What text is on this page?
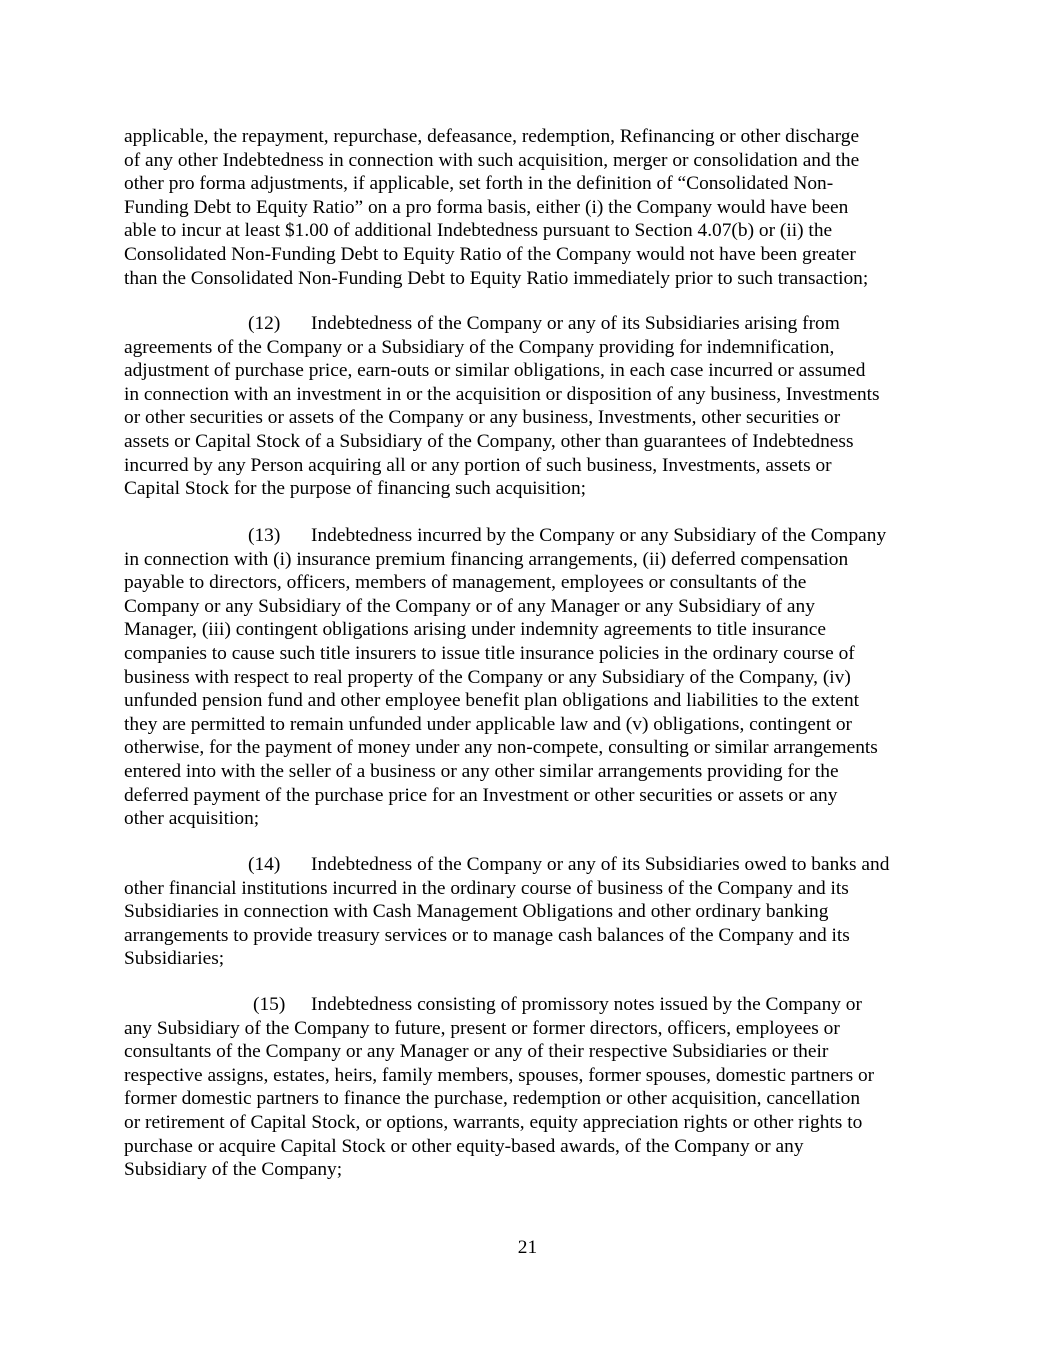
applicable, the repayment, repurchase, defeasance, redemption, Refinancing or other discharge
of any other Indebtedness in connection with such acquisition, merger or consolidation and the
other pro forma adjustments, if applicable, set forth in the definition of “Consolidated Non-
Funding Debt to Equity Ratio” on a pro forma basis, either (i) the Company would have been
able to incur at least $1.00 of additional Indebtedness pursuant to Section 4.07(b) or (ii) the
Consolidated Non-Funding Debt to Equity Ratio of the Company would not have been greater
than the Consolidated Non-Funding Debt to Equity Ratio immediately prior to such transaction;
(12) Indebtedness of the Company or any of its Subsidiaries arising from
agreements of the Company or a Subsidiary of the Company providing for indemnification,
adjustment of purchase price, earn-outs or similar obligations, in each case incurred or assumed
in connection with an investment in or the acquisition or disposition of any business, Investments
or other securities or assets of the Company or any business, Investments, other securities or
assets or Capital Stock of a Subsidiary of the Company, other than guarantees of Indebtedness
incurred by any Person acquiring all or any portion of such business, Investments, assets or
Capital Stock for the purpose of financing such acquisition;
(13) Indebtedness incurred by the Company or any Subsidiary of the Company
in connection with (i) insurance premium financing arrangements, (ii) deferred compensation
payable to directors, officers, members of management, employees or consultants of the
Company or any Subsidiary of the Company or of any Manager or any Subsidiary of any
Manager, (iii) contingent obligations arising under indemnity agreements to title insurance
companies to cause such title insurers to issue title insurance policies in the ordinary course of
business with respect to real property of the Company or any Subsidiary of the Company, (iv)
unfunded pension fund and other employee benefit plan obligations and liabilities to the extent
they are permitted to remain unfunded under applicable law and (v) obligations, contingent or
otherwise, for the payment of money under any non-compete, consulting or similar arrangements
entered into with the seller of a business or any other similar arrangements providing for the
deferred payment of the purchase price for an Investment or other securities or assets or any
other acquisition;
(14) Indebtedness of the Company or any of its Subsidiaries owed to banks and
other financial institutions incurred in the ordinary course of business of the Company and its
Subsidiaries in connection with Cash Management Obligations and other ordinary banking
arrangements to provide treasury services or to manage cash balances of the Company and its
Subsidiaries;
(15) Indebtedness consisting of promissory notes issued by the Company or
any Subsidiary of the Company to future, present or former directors, officers, employees or
consultants of the Company or any Manager or any of their respective Subsidiaries or their
respective assigns, estates, heirs, family members, spouses, former spouses, domestic partners or
former domestic partners to finance the purchase, redemption or other acquisition, cancellation
or retirement of Capital Stock, or options, warrants, equity appreciation rights or other rights to
purchase or acquire Capital Stock or other equity-based awards, of the Company or any
Subsidiary of the Company;
21
